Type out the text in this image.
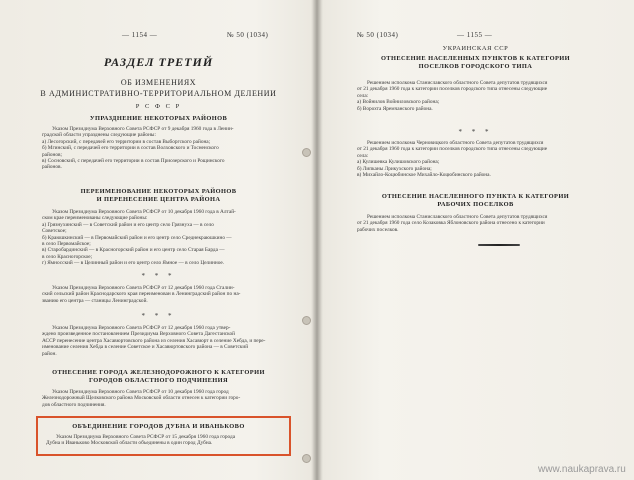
— 1154 —	№ 50 (1034)
РАЗДЕЛ ТРЕТИЙ
ОБ ИЗМЕНЕНИЯХ
В АДМИНИСТРАТИВНО-ТЕРРИТОРИАЛЬНОМ ДЕЛЕНИИ
Р С Ф С Р
УПРАЗДНЕНИЕ НЕКОТОРЫХ РАЙОНОВ
Указом Президиума Верховного Совета РСФСР от 9 декабря 1960 года в Ленин-
градской области упразднены следующие районы:
а) Лесогорский, с передачей его территории в состав Выборгского района;
б) Мгинский, с передачей его территории в состав Волховского и Тосненского
районов;
в) Сосновский, с передачей его территории в состав Приозерского и Рощинского
районов.
ПЕРЕИМЕНОВАНИЕ НЕКОТОРЫХ РАЙОНОВ
И ПЕРЕНЕСЕНИЕ ЦЕНТРА РАЙОНА
Указом Президиума Верховного Совета РСФСР от 10 декабря 1960 года в Алтай-
ском крае переименованы следующие районы:
а) Грязнухинский — в Советский район и его центр село Грязнуха — в село
Советское;
б) Краюшкинский — в Первомайский район и его центр село Среднекраюшкино —
в село Первомайское;
в) Старобардинский — в Красногорский район и его центр село Старая Барда —
в село Красногорское;
г) Ямносский — в Целинный район и его центр село Ямное — в село Целинное.
* * *
Указом Президиума Верховного Совета РСФСР от 12 декабря 1960 года Сталин-
ский сельский район Краснодарского края переименован в Ленинградский район по на-
званию его центра — станицы Ленинградской.
* * *
Указом Президиума Верховного Совета РСФСР от 12 декабря 1960 года утвер-
ждено произведенное постановлением Президиума Верховного Совета Дагестанской
АССР перенесение центра Хасавюртовского района из селения Хасавюрт в селение Хебда, и пере-
именование селения Хебда в селение Советское и Хасавюртовского района — в Советский
район.
ОТНЕСЕНИЕ ГОРОДА ЖЕЛЕЗНОДОРОЖНОГО К КАТЕГОРИИ
ГОРОДОВ ОБЛАСТНОГО ПОДЧИНЕНИЯ
Указом Президиума Верховного Совета РСФСР от 10 декабря 1960 года город
Железнодорожный Щелковского района Московской области отнесен к категории горо-
дов областного подчинения.
ОБЪЕДИНЕНИЕ ГОРОДОВ ДУБНА И ИВАНЬКОВО
Указом Президиума Верховного Совета РСФСР от 15 декабря 1960 года города
Дубна и Иваньково Московской области объединены в один город Дубна.
№ 50 (1034)	— 1155 —
УКРАИНСКАЯ ССР
ОТНЕСЕНИЕ НАСЕЛЕННЫХ ПУНКТОВ К КАТЕГОРИИ
ПОСЕЛКОВ ГОРОДСКОГО ТИПА
Решением исполкома Станиславского областного Совета депутатов трудящихся
от 21 декабря 1960 года к категории поселков городского типа отнесены следующие
села:
а) Войнилов Войниловского района;
б) Ворохта Яремчанского района.
* * *
Решением исполкома Черновицкого областного Совета депутатов трудящихся
от 21 декабря 1960 года к категории поселков городского типа отнесены следующие
села:
а) Кулишевка Кулишовского района;
б) Липканы Лрикухского района;
в) Михайло-Коцюбинское Михайло-Коцюбинского района.
ОТНЕСЕНИЕ НАСЕЛЕННОГО ПУНКТА К КАТЕГОРИИ
РАБОЧИХ ПОСЕЛКОВ
Решением исполкома Станиславского областного Совета депутатов трудящихся
от 21 декабря 1960 года село Козаковка Яблоновского района отнесено к категории
рабочих поселков.
www.naukaprava.ru
